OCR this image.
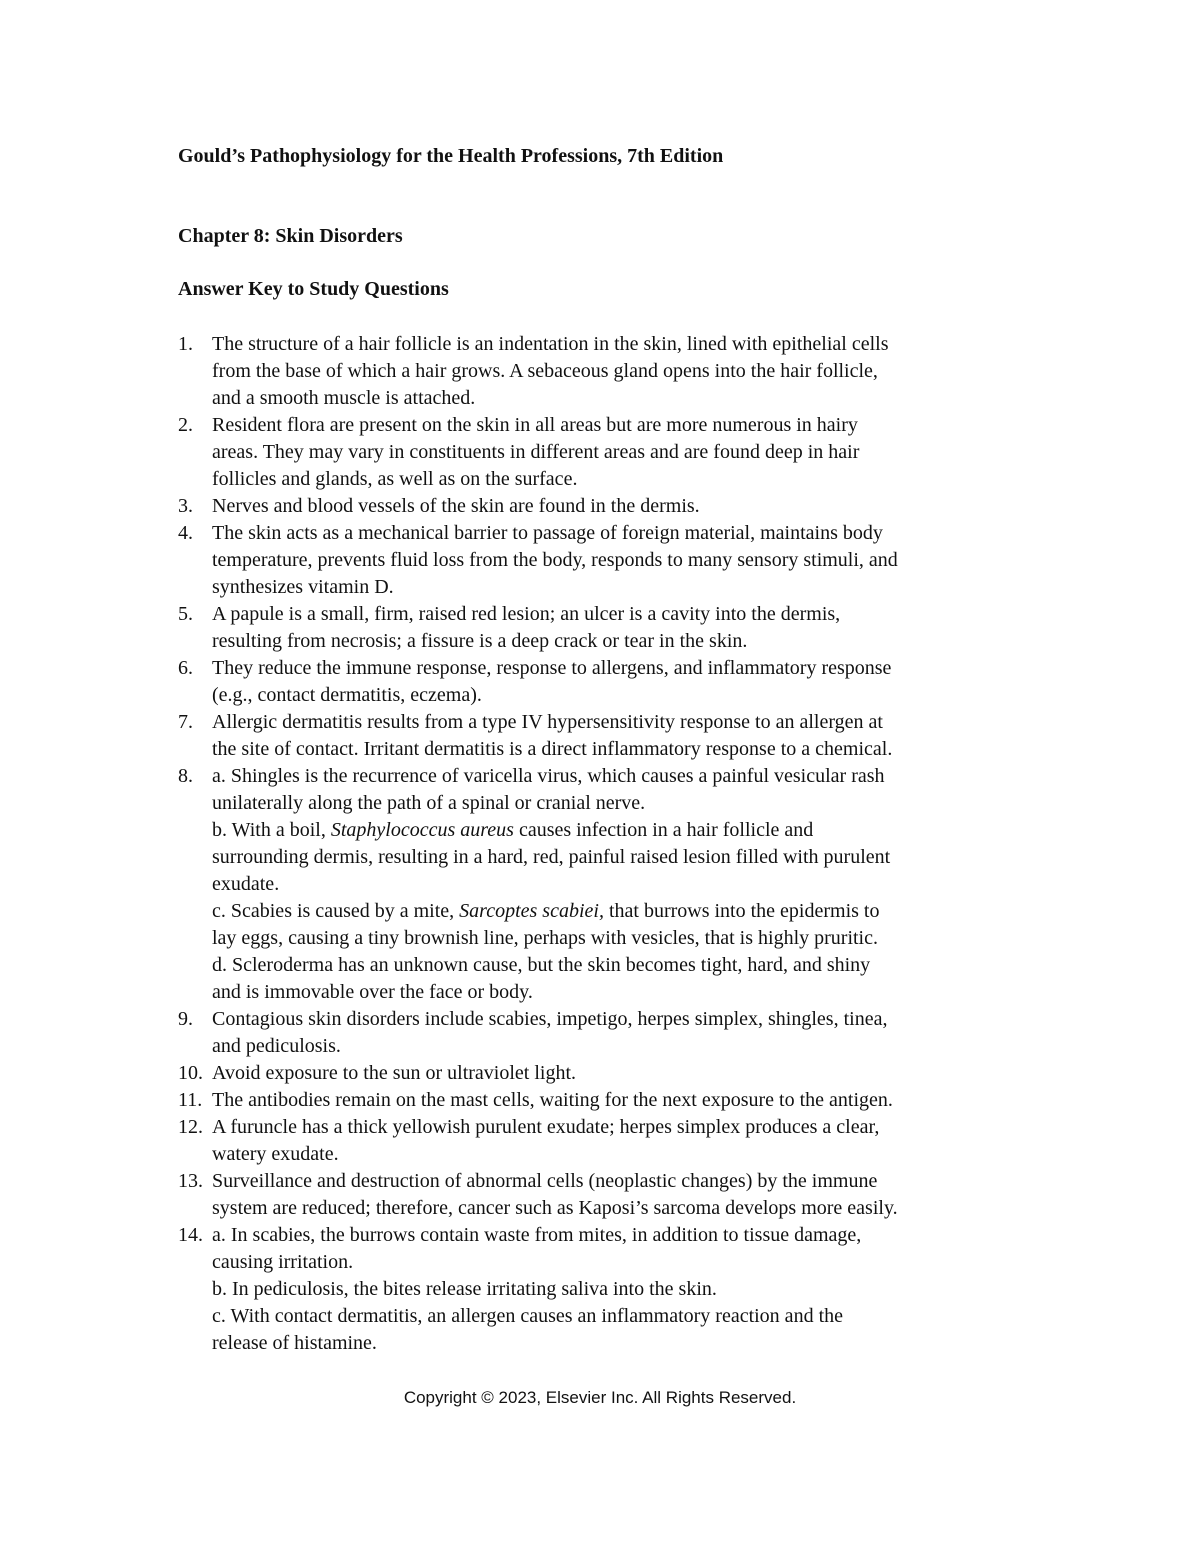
Gould’s Pathophysiology for the Health Professions, 7th Edition
Chapter 8: Skin Disorders
Answer Key to Study Questions
1. The structure of a hair follicle is an indentation in the skin, lined with epithelial cells
from the base of which a hair grows. A sebaceous gland opens into the hair follicle,
and a smooth muscle is attached.
2. Resident flora are present on the skin in all areas but are more numerous in hairy
areas. They may vary in constituents in different areas and are found deep in hair
follicles and glands, as well as on the surface.
3. Nerves and blood vessels of the skin are found in the dermis.
4. The skin acts as a mechanical barrier to passage of foreign material, maintains body
temperature, prevents fluid loss from the body, responds to many sensory stimuli, and
synthesizes vitamin D.
5. A papule is a small, firm, raised red lesion; an ulcer is a cavity into the dermis,
resulting from necrosis; a fissure is a deep crack or tear in the skin.
6. They reduce the immune response, response to allergens, and inflammatory response
(e.g., contact dermatitis, eczema).
7. Allergic dermatitis results from a type IV hypersensitivity response to an allergen at
the site of contact. Irritant dermatitis is a direct inflammatory response to a chemical.
8. a. Shingles is the recurrence of varicella virus, which causes a painful vesicular rash
unilaterally along the path of a spinal or cranial nerve.
b. With a boil, Staphylococcus aureus causes infection in a hair follicle and
surrounding dermis, resulting in a hard, red, painful raised lesion filled with purulent
exudate.
c. Scabies is caused by a mite, Sarcoptes scabiei, that burrows into the epidermis to
lay eggs, causing a tiny brownish line, perhaps with vesicles, that is highly pruritic.
d. Scleroderma has an unknown cause, but the skin becomes tight, hard, and shiny
and is immovable over the face or body.
9. Contagious skin disorders include scabies, impetigo, herpes simplex, shingles, tinea,
and pediculosis.
10. Avoid exposure to the sun or ultraviolet light.
11. The antibodies remain on the mast cells, waiting for the next exposure to the antigen.
12. A furuncle has a thick yellowish purulent exudate; herpes simplex produces a clear,
watery exudate.
13. Surveillance and destruction of abnormal cells (neoplastic changes) by the immune
system are reduced; therefore, cancer such as Kaposi’s sarcoma develops more easily.
14. a. In scabies, the burrows contain waste from mites, in addition to tissue damage,
causing irritation.
b. In pediculosis, the bites release irritating saliva into the skin.
c. With contact dermatitis, an allergen causes an inflammatory reaction and the
release of histamine.
Copyright © 2023, Elsevier Inc. All Rights Reserved.
